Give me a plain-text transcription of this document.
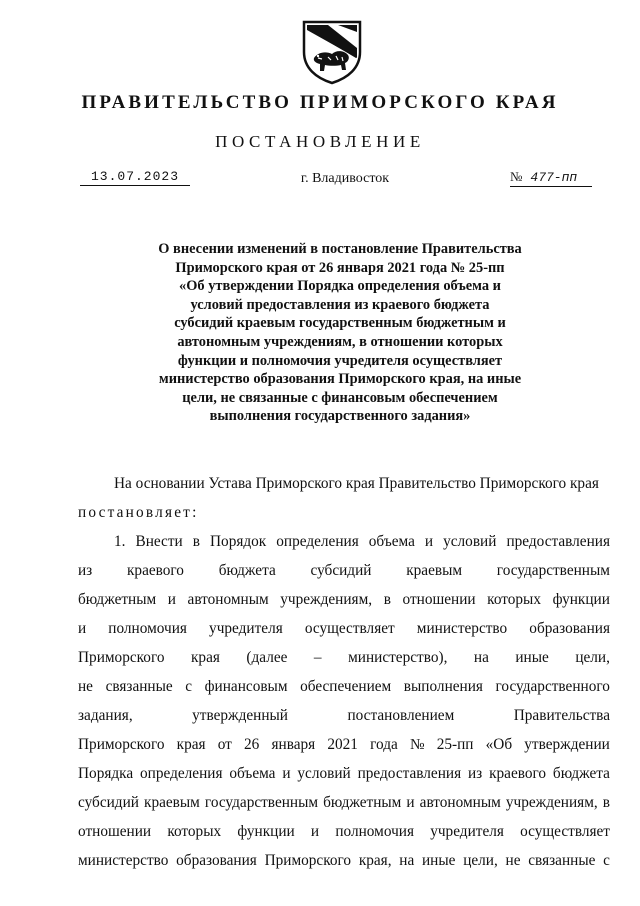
ПРАВИТЕЛЬСТВО ПРИМОРСКОГО КРАЯ
ПОСТАНОВЛЕНИЕ
13.07.2023	г. Владивосток	№ 477-пп
О внесении изменений в постановление Правительства
Приморского края от 26 января 2021 года № 25-пп
«Об утверждении Порядка определения объема и
условий предоставления из краевого бюджета
субсидий краевым государственным бюджетным и
автономным учреждениям, в отношении которых
функции и полномочия учредителя осуществляет
министерство образования Приморского края, на иные
цели, не связанные с финансовым обеспечением
выполнения государственного задания»
На основании Устава Приморского края Правительство Приморского края
постановляет:
1. Внести в Порядок определения объема и условий предоставления
из краевого бюджета субсидий краевым государственным
бюджетным и автономным учреждениям, в отношении которых функции
и полномочия учредителя осуществляет министерство образования
Приморского края (далее – министерство), на иные цели,
не связанные с финансовым обеспечением выполнения государственного
задания,	утвержденный	постановлением	Правительства
Приморского края от 26 января 2021 года № 25-пп «Об утверждении
Порядка определения объема и условий предоставления из краевого бюджета
субсидий краевым государственным бюджетным и автономным учреждениям, в
отношении которых функции и полномочия учредителя осуществляет
министерство образования Приморского края, на иные цели, не связанные с
